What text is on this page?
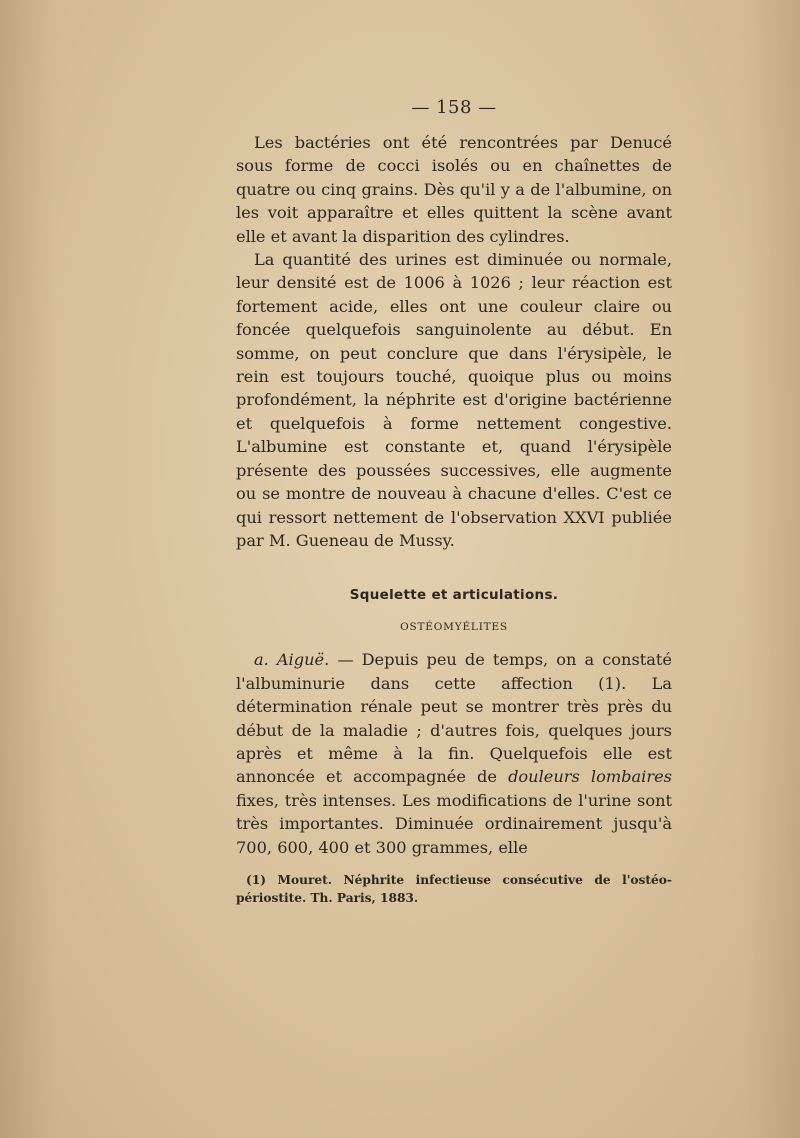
— 158 —

Les bactéries ont été rencontrées par Denucé sous forme de cocci isolés ou en chaînettes de quatre ou cinq grains. Dès qu'il y a de l'albumine, on les voit apparaître et elles quittent la scène avant elle et avant la disparition des cylindres.

La quantité des urines est diminuée ou normale, leur densité est de 1006 à 1026 ; leur réaction est fortement acide, elles ont une couleur claire ou foncée quelquefois sanguinolente au début. En somme, on peut conclure que dans l'érysipèle, le rein est toujours touché, quoique plus ou moins profondément, la néphrite est d'origine bactérienne et quelquefois à forme nettement congestive. L'albumine est constante et, quand l'érysipèle présente des poussées successives, elle augmente ou se montre de nouveau à chacune d'elles. C'est ce qui ressort nettement de l'observation XXVI publiée par M. Gueneau de Mussy.

Squelette et articulations.
OSTÉOMYÉLITES

a. Aiguë. — Depuis peu de temps, on a constaté l'albuminurie dans cette affection (1). La détermination rénale peut se montrer très près du début de la maladie ; d'autres fois, quelques jours après et même à la fin. Quelquefois elle est annoncée et accompagnée de douleurs lombaires fixes, très intenses. Les modifications de l'urine sont très importantes. Diminuée ordinairement jusqu'à 700, 600, 400 et 300 grammes, elle

(1) Mouret. Néphrite infectieuse consécutive de l'ostéo-périostite. Th. Paris, 1883.
